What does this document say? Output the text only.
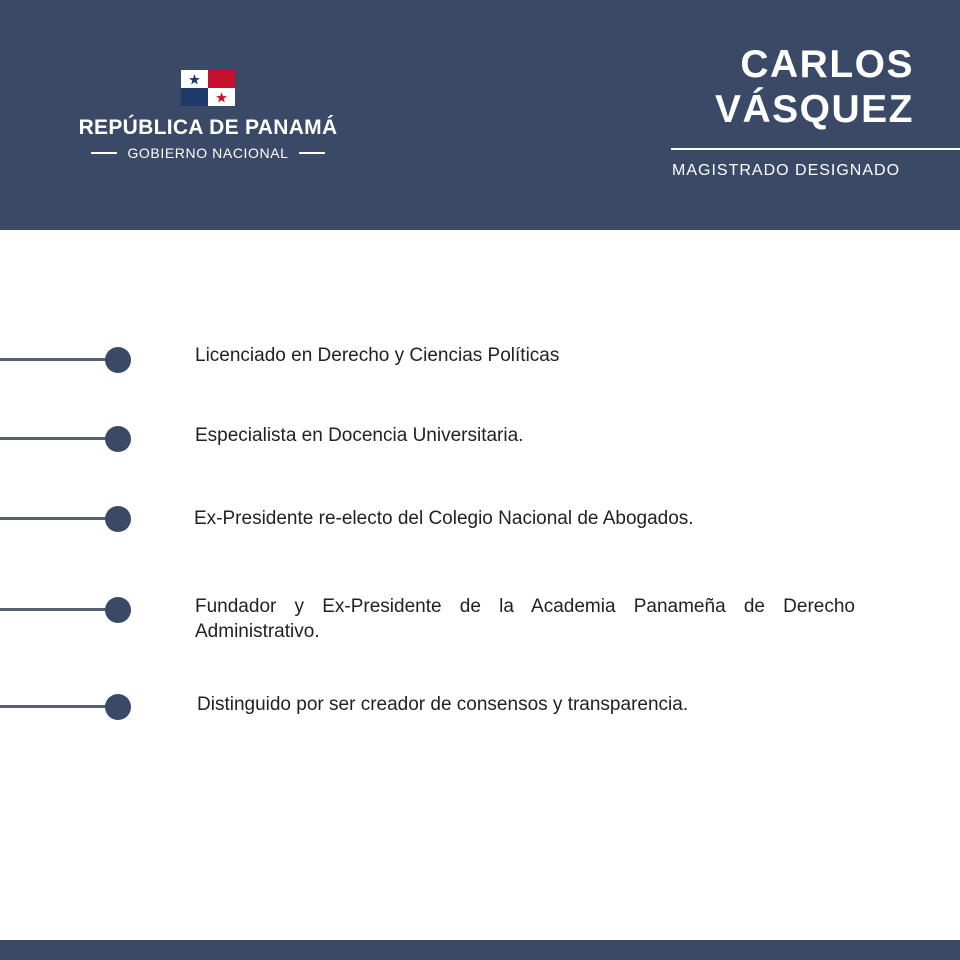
REPÚBLICA DE PANAMÁ
GOBIERNO NACIONAL
CARLOS
VÁSQUEZ
MAGISTRADO DESIGNADO
Licenciado en Derecho y Ciencias Políticas
Especialista en Docencia Universitaria.
Ex-Presidente re-electo del Colegio Nacional de Abogados.
Fundador y Ex-Presidente de la Academia Panameña de Derecho Administrativo.
Distinguido por ser creador de consensos y transparencia.
